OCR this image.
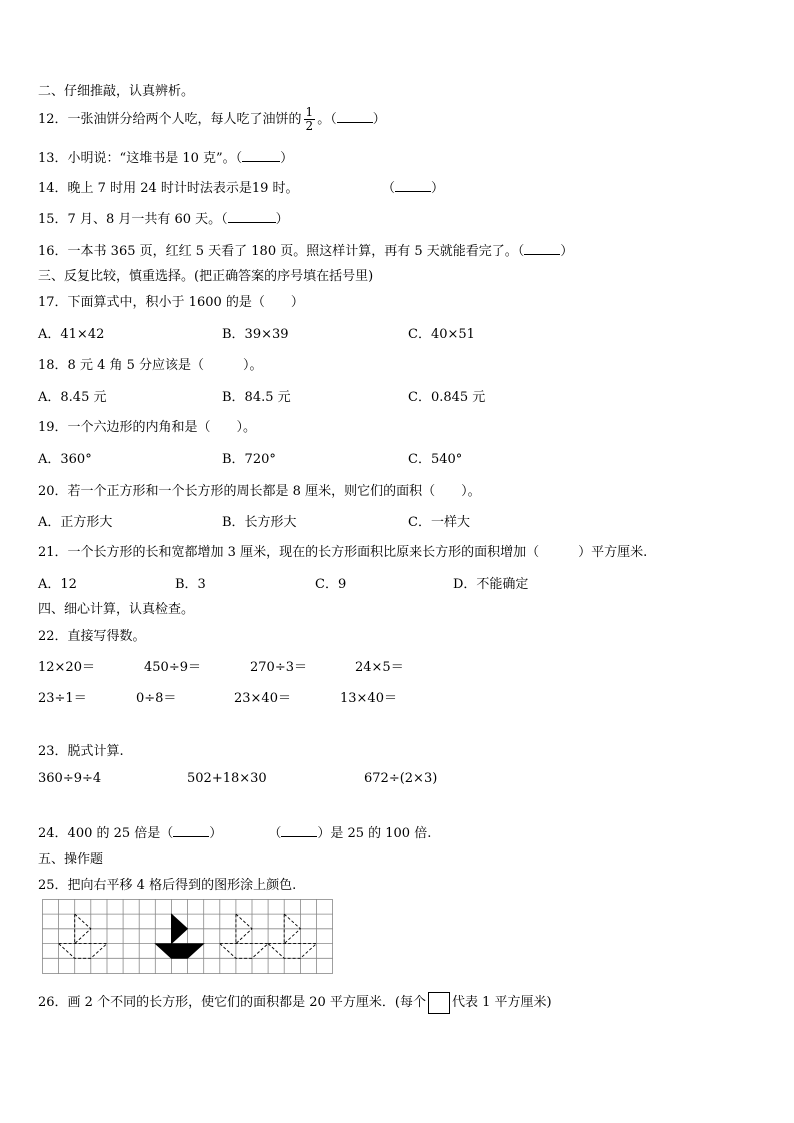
二、仔细推敲，认真辨析。
12．一张油饼分给两个人吃，每人吃了油饼的 $\frac{1}{2}$ 。（	）
13．小明说：“这堆书是 10 克”。（	）
14．晚上 7 时用 24 时计时法表示是19 时。	（	）
15．7 月、8 月一共有 60 天。（	）
16．一本书 365 页，红红 5 天看了 180 页。照这样计算，再有 5 天就能看完了。（	）
三、反复比较，慎重选择。(把正确答案的序号填在括号里)
17．下面算式中，积小于 1600 的是（　　）
A．41×42	B．39×39	C．40×51
18．8 元 4 角 5 分应该是（　　　）。
A．8.45 元	B．84.5 元	C．0.845 元
19．一个六边形的内角和是（　　）。
A．360°	B．720°	C．540°
20．若一个正方形和一个长方形的周长都是 8 厘米，则它们的面积（　　）。
A．正方形大	B．长方形大	C．一样大
21．一个长方形的长和宽都增加 3 厘米，现在的长方形面积比原来长方形的面积增加（　　　）平方厘米.
A．12	B．3	C．9	D．不能确定
四、细心计算，认真检查。
22．直接写得数。
12×20＝	450÷9＝	270÷3＝	24×5＝
23÷1＝	0÷8＝	23×40＝	13×40＝
23．脱式计算.
360÷9÷4	502+18×30	672÷(2×3)
24．400 的 25 倍是（	）	（	）是 25 的 100 倍.
五、操作题
25．把向右平移 4 格后得到的图形涂上颜色.
26．画 2 个不同的长方形，使它们的面积都是 20 平方厘米．(每个 代表 1 平方厘米)
